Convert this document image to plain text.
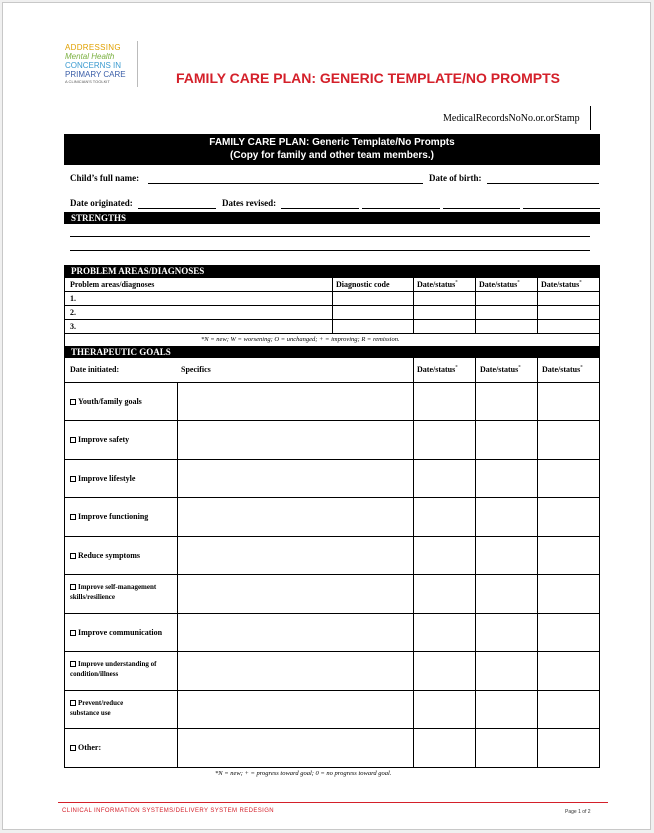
ADDRESSING
Mental Health
CONCERNS IN
PRIMARY CARE
A CLINICIAN'S TOOLKIT	FAMILY CARE PLAN: GENERIC TEMPLATE/NO PROMPTS
MedicalRecordsNoNo.or.orStamp
FAMILY CARE PLAN: Generic Template/No Prompts
(Copy for family and other team members.)
Child’s full name:	Date of birth:
Date originated:	Dates revised:
STRENGTHS
PROBLEM AREAS/DIAGNOSES
Problem areas/diagnoses	Diagnostic code	Date/status*	Date/status*	Date/status*
1.
2.
3.
*N = new; W = worsening; O = unchanged; + = improving; R = remission.
THERAPEUTIC GOALS
Date initiated:	Specifics	Date/status*	Date/status*	Date/status*
Youth/family goals
Improve safety
Improve lifestyle
Improve functioning
Reduce symptoms
Improve self-management skills/resilience
Improve communication
Improve understanding of condition/illness
Prevent/reduce substance use
Other:
*N = new; + = progress toward goal; 0 = no progress toward goal.
CLINICAL INFORMATION SYSTEMS/DELIVERY SYSTEM REDESIGN	Page 1 of 2
